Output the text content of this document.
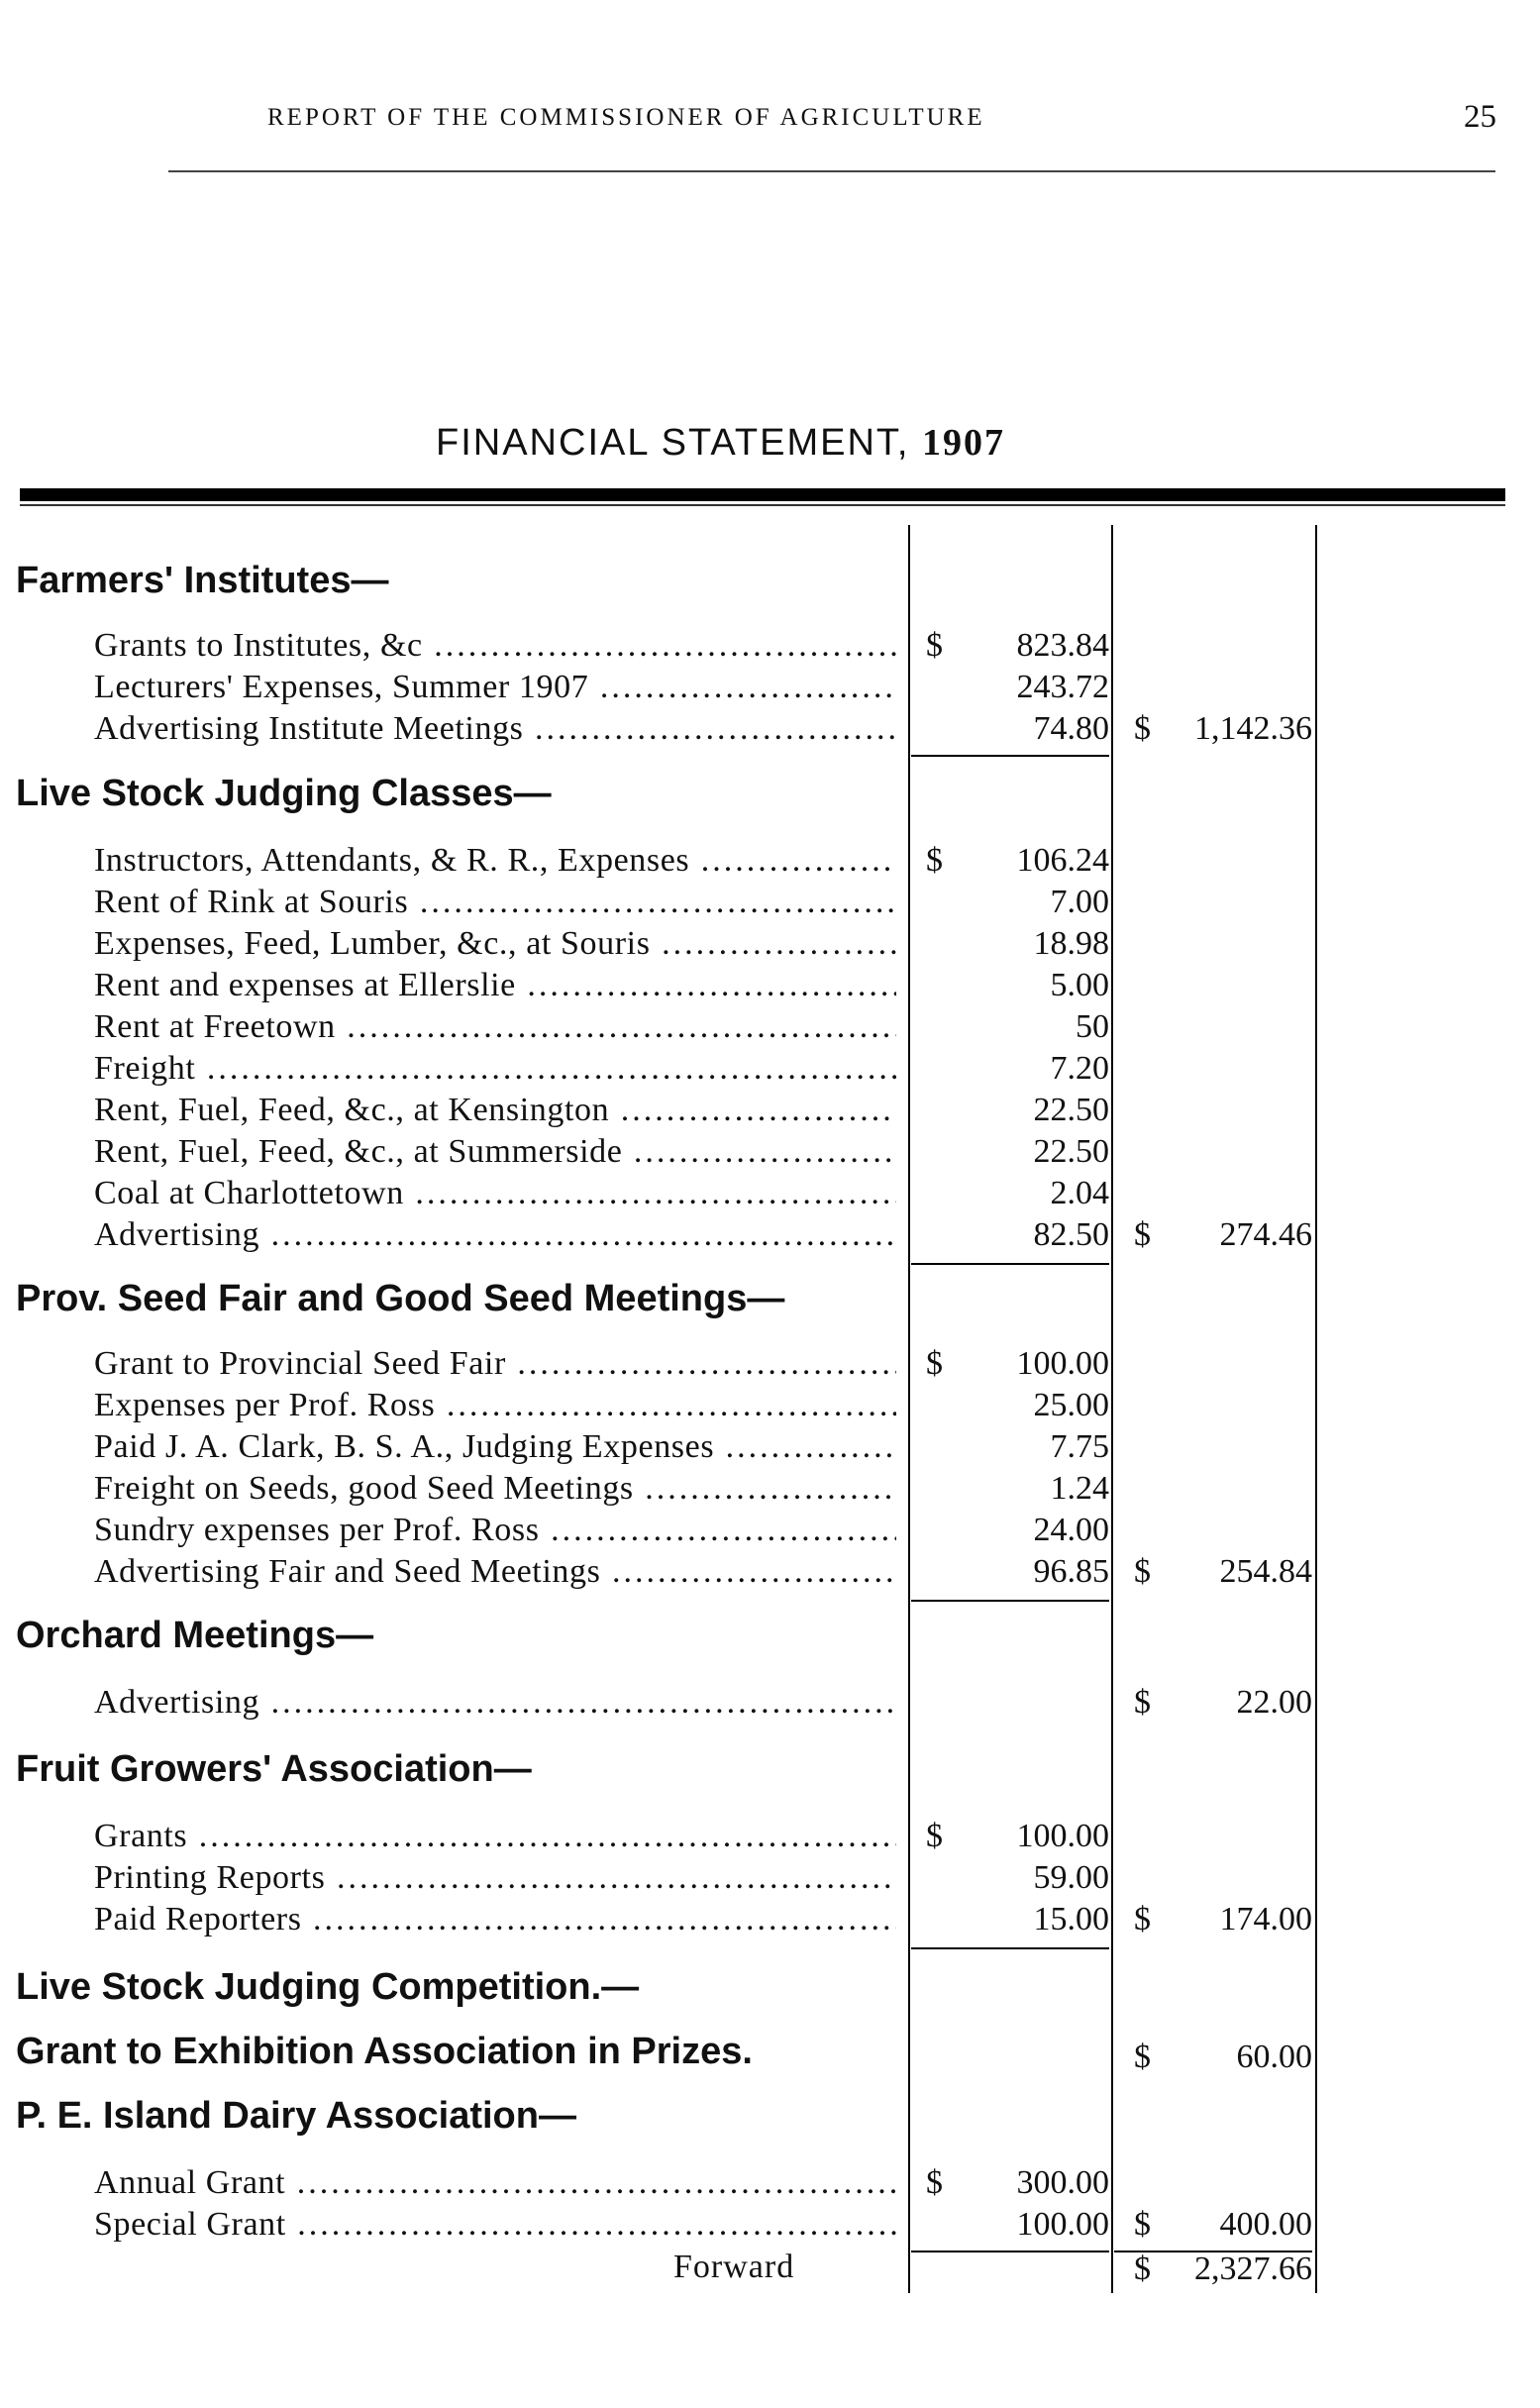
REPORT OF THE COMMISSIONER OF AGRICULTURE	25
FINANCIAL STATEMENT, 1907
Farmers' Institutes—
Grants to Institutes, &c .....	$	823.84
Lecturers' Expenses, Summer 1907 .....	243.72
Advertising Institute Meetings .....	74.80 $	1,142.36
Live Stock Judging Classes—
Instructors, Attendants, & R. R., Expenses .....	$	106.24
Rent of Rink at Souris .....	7.00
Expenses, Feed, Lumber, &c., at Souris .....	18.98
Rent and expenses at Ellerslie .....	5.00
Rent at Freetown .....	50
Freight .....	7.20
Rent, Fuel, Feed, &c., at Kensington .....	22.50
Rent, Fuel, Feed, &c., at Summerside .....	22.50
Coal at Charlottetown .....	2.04
Advertising .....	82.50 $	274.46
Prov. Seed Fair and Good Seed Meetings—
Grant to Provincial Seed Fair .....	$	100.00
Expenses per Prof. Ross .....	25.00
Paid J. A. Clark, B. S. A., Judging Expenses .....	7.75
Freight on Seeds, good Seed Meetings .....	1.24
Sundry expenses per Prof. Ross .....	24.00
Advertising Fair and Seed Meetings .....	96.85 $	254.84
Orchard Meetings—
Advertising .....	$	22.00
Fruit Growers' Association—
Grants .....	$	100.00
Printing Reports .....	59.00
Paid Reporters .....	15.00 $	174.00
Live Stock Judging Competition.—
Grant to Exhibition Association in Prizes.	$	60.00
P. E. Island Dairy Association—
Annual Grant .....	$	300.00
Special Grant .....	100.00 $	400.00
Forward	$	2,327.66
